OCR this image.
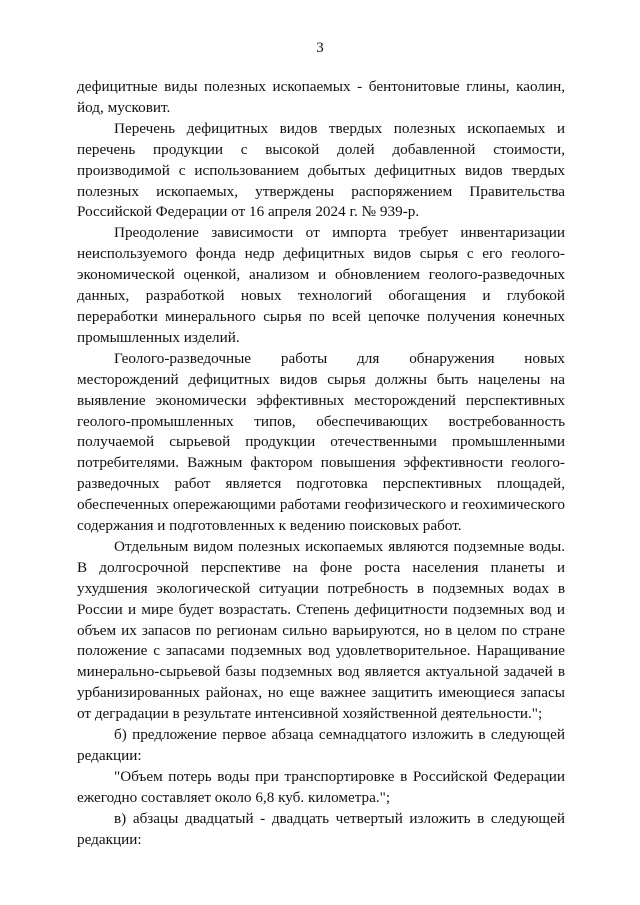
3

дефицитные виды полезных ископаемых - бентонитовые глины, каолин, йод, мусковит.

Перечень дефицитных видов твердых полезных ископаемых и перечень продукции с высокой долей добавленной стоимости, производимой с использованием добытых дефицитных видов твердых полезных ископаемых, утверждены распоряжением Правительства Российской Федерации от 16 апреля 2024 г. № 939-р.

Преодоление зависимости от импорта требует инвентаризации неиспользуемого фонда недр дефицитных видов сырья с его геолого-экономической оценкой, анализом и обновлением геолого-разведочных данных, разработкой новых технологий обогащения и глубокой переработки минерального сырья по всей цепочке получения конечных промышленных изделий.

Геолого-разведочные работы для обнаружения новых месторождений дефицитных видов сырья должны быть нацелены на выявление экономически эффективных месторождений перспективных геолого-промышленных типов, обеспечивающих востребованность получаемой сырьевой продукции отечественными промышленными потребителями. Важным фактором повышения эффективности геолого-разведочных работ является подготовка перспективных площадей, обеспеченных опережающими работами геофизического и геохимического содержания и подготовленных к ведению поисковых работ.

Отдельным видом полезных ископаемых являются подземные воды. В долгосрочной перспективе на фоне роста населения планеты и ухудшения экологической ситуации потребность в подземных водах в России и мире будет возрастать. Степень дефицитности подземных вод и объем их запасов по регионам сильно варьируются, но в целом по стране положение с запасами подземных вод удовлетворительное. Наращивание минерально-сырьевой базы подземных вод является актуальной задачей в урбанизированных районах, но еще важнее защитить имеющиеся запасы от деградации в результате интенсивной хозяйственной деятельности.";

б) предложение первое абзаца семнадцатого изложить в следующей редакции:

"Объем потерь воды при транспортировке в Российской Федерации ежегодно составляет около 6,8 куб. километра.";

в) абзацы двадцатый - двадцать четвертый изложить в следующей редакции:
